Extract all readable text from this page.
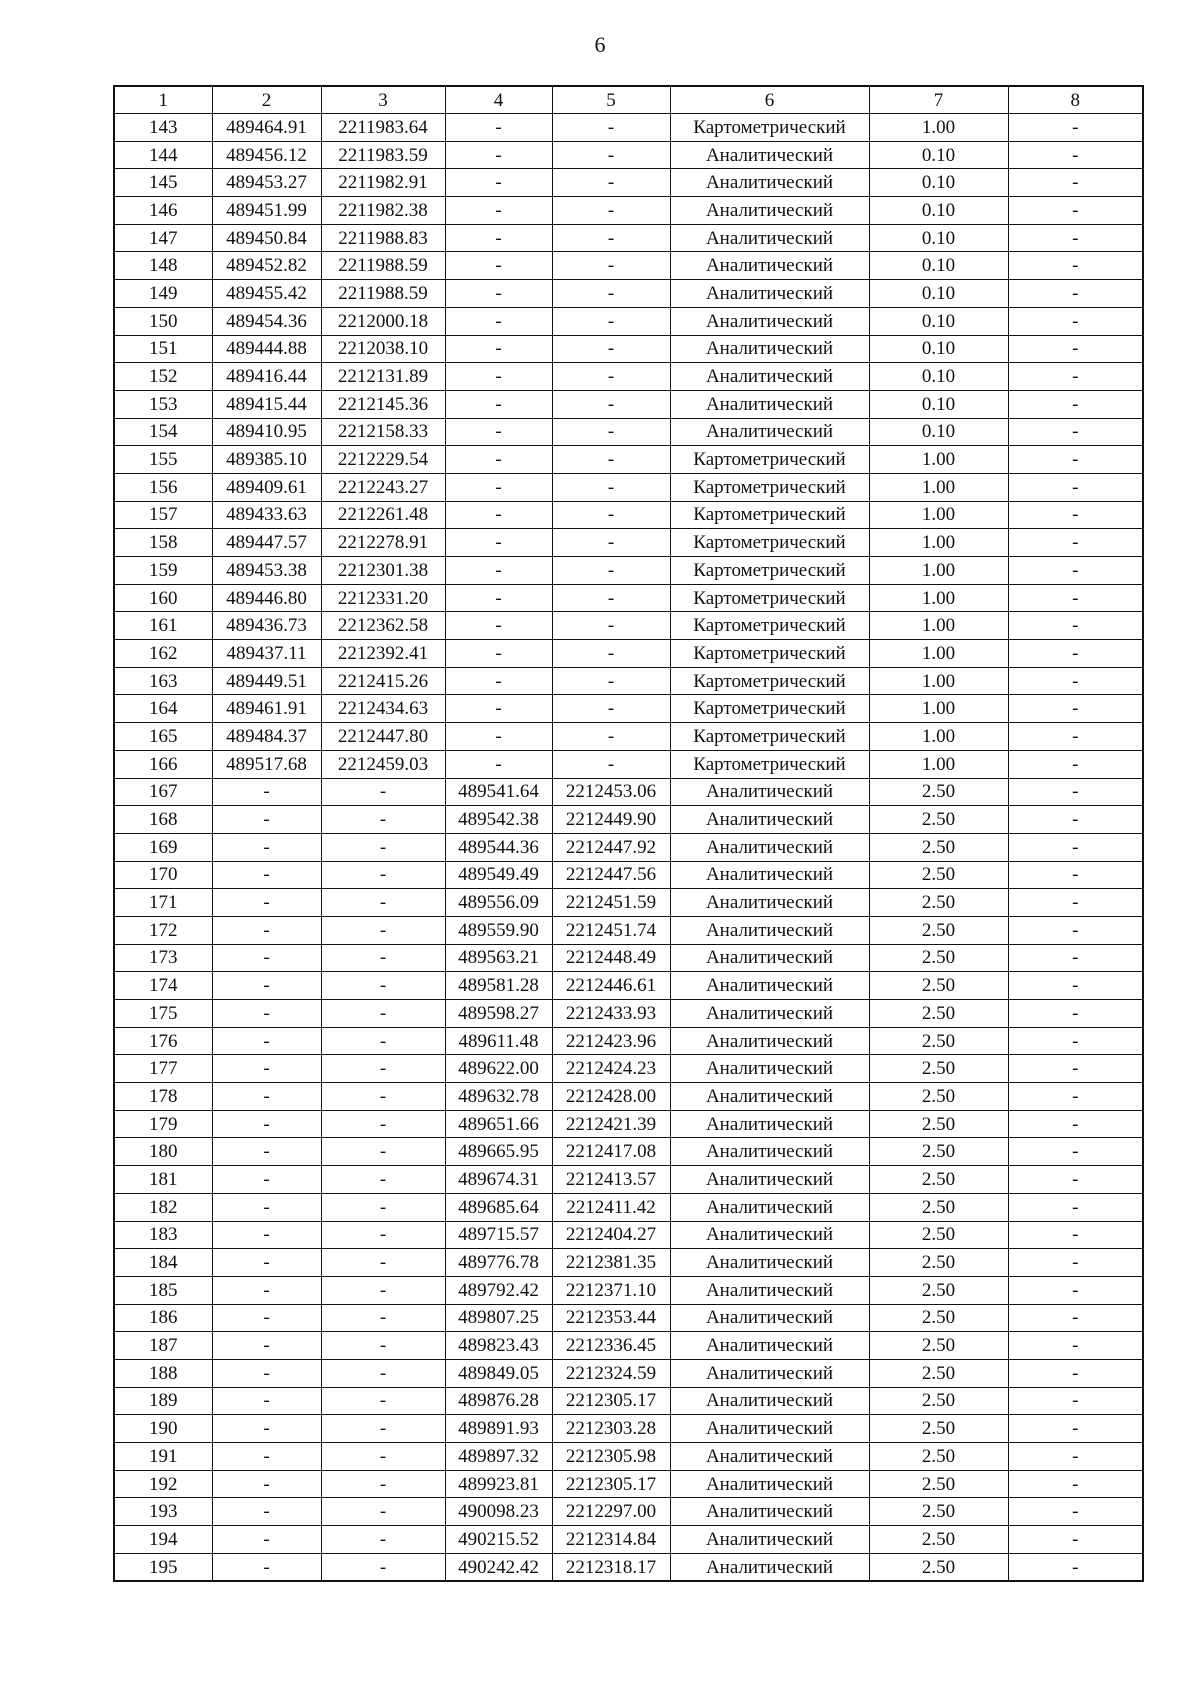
6
1	2	3	4	5	6	7	8
143	489464.91	2211983.64	-	-	Картометрический	1.00	-
144	489456.12	2211983.59	-	-	Аналитический	0.10	-
145	489453.27	2211982.91	-	-	Аналитический	0.10	-
146	489451.99	2211982.38	-	-	Аналитический	0.10	-
147	489450.84	2211988.83	-	-	Аналитический	0.10	-
148	489452.82	2211988.59	-	-	Аналитический	0.10	-
149	489455.42	2211988.59	-	-	Аналитический	0.10	-
150	489454.36	2212000.18	-	-	Аналитический	0.10	-
151	489444.88	2212038.10	-	-	Аналитический	0.10	-
152	489416.44	2212131.89	-	-	Аналитический	0.10	-
153	489415.44	2212145.36	-	-	Аналитический	0.10	-
154	489410.95	2212158.33	-	-	Аналитический	0.10	-
155	489385.10	2212229.54	-	-	Картометрический	1.00	-
156	489409.61	2212243.27	-	-	Картометрический	1.00	-
157	489433.63	2212261.48	-	-	Картометрический	1.00	-
158	489447.57	2212278.91	-	-	Картометрический	1.00	-
159	489453.38	2212301.38	-	-	Картометрический	1.00	-
160	489446.80	2212331.20	-	-	Картометрический	1.00	-
161	489436.73	2212362.58	-	-	Картометрический	1.00	-
162	489437.11	2212392.41	-	-	Картометрический	1.00	-
163	489449.51	2212415.26	-	-	Картометрический	1.00	-
164	489461.91	2212434.63	-	-	Картометрический	1.00	-
165	489484.37	2212447.80	-	-	Картометрический	1.00	-
166	489517.68	2212459.03	-	-	Картометрический	1.00	-
167	-	-	489541.64	2212453.06	Аналитический	2.50	-
168	-	-	489542.38	2212449.90	Аналитический	2.50	-
169	-	-	489544.36	2212447.92	Аналитический	2.50	-
170	-	-	489549.49	2212447.56	Аналитический	2.50	-
171	-	-	489556.09	2212451.59	Аналитический	2.50	-
172	-	-	489559.90	2212451.74	Аналитический	2.50	-
173	-	-	489563.21	2212448.49	Аналитический	2.50	-
174	-	-	489581.28	2212446.61	Аналитический	2.50	-
175	-	-	489598.27	2212433.93	Аналитический	2.50	-
176	-	-	489611.48	2212423.96	Аналитический	2.50	-
177	-	-	489622.00	2212424.23	Аналитический	2.50	-
178	-	-	489632.78	2212428.00	Аналитический	2.50	-
179	-	-	489651.66	2212421.39	Аналитический	2.50	-
180	-	-	489665.95	2212417.08	Аналитический	2.50	-
181	-	-	489674.31	2212413.57	Аналитический	2.50	-
182	-	-	489685.64	2212411.42	Аналитический	2.50	-
183	-	-	489715.57	2212404.27	Аналитический	2.50	-
184	-	-	489776.78	2212381.35	Аналитический	2.50	-
185	-	-	489792.42	2212371.10	Аналитический	2.50	-
186	-	-	489807.25	2212353.44	Аналитический	2.50	-
187	-	-	489823.43	2212336.45	Аналитический	2.50	-
188	-	-	489849.05	2212324.59	Аналитический	2.50	-
189	-	-	489876.28	2212305.17	Аналитический	2.50	-
190	-	-	489891.93	2212303.28	Аналитический	2.50	-
191	-	-	489897.32	2212305.98	Аналитический	2.50	-
192	-	-	489923.81	2212305.17	Аналитический	2.50	-
193	-	-	490098.23	2212297.00	Аналитический	2.50	-
194	-	-	490215.52	2212314.84	Аналитический	2.50	-
195	-	-	490242.42	2212318.17	Аналитический	2.50	-
